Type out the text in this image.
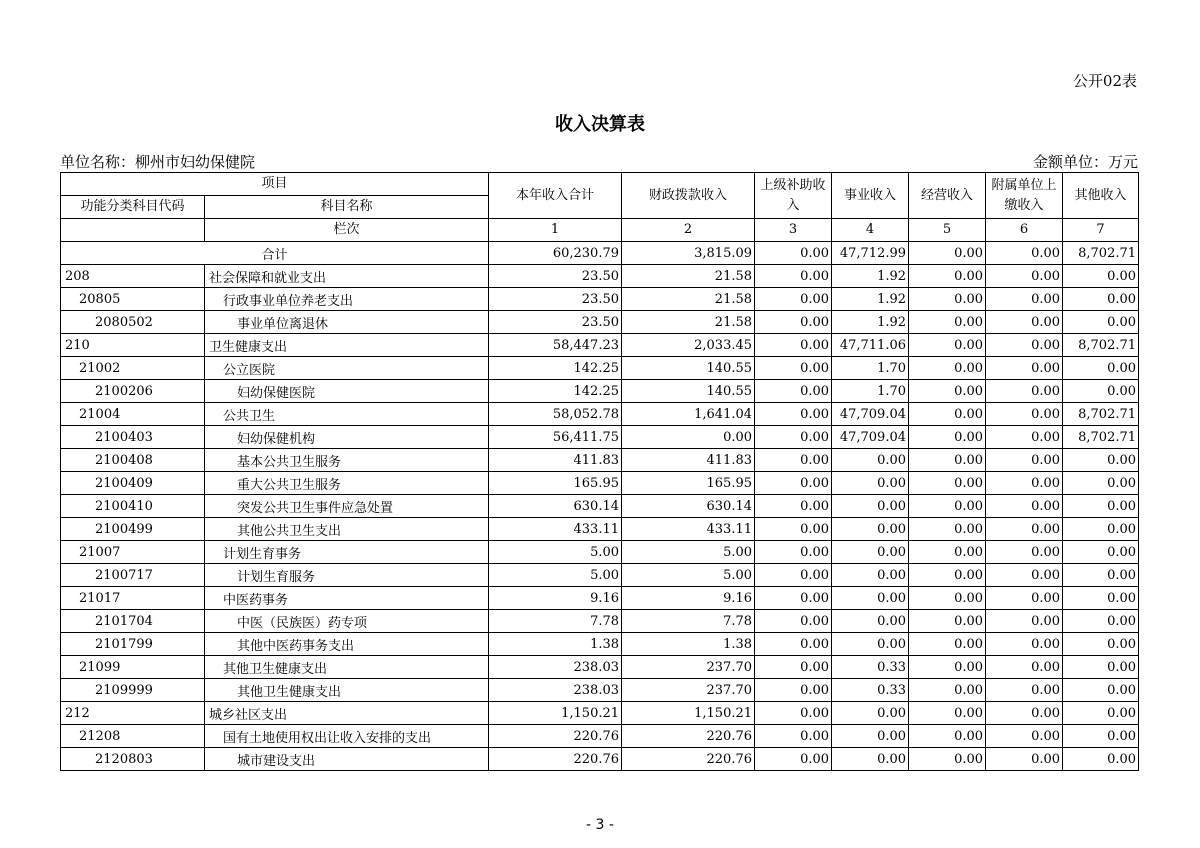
公开02表
收入决算表
单位名称：柳州市妇幼保健院	金额单位：万元
项目		本年收入合计	财政拨款收入	上级补助收
入	事业收入	经营收入	附属单位上
缴收入	其他收入
功能分类科目代码	科目名称							
	栏次	1	2	3	4	5	6	7
合计		60,230.79	3,815.09	0.00	47,712.99	0.00	0.00	8,702.71
208	社会保障和就业支出	23.50	21.58	0.00	1.92	0.00	0.00	0.00
20805	行政事业单位养老支出	23.50	21.58	0.00	1.92	0.00	0.00	0.00
2080502	事业单位离退休	23.50	21.58	0.00	1.92	0.00	0.00	0.00
210	卫生健康支出	58,447.23	2,033.45	0.00	47,711.06	0.00	0.00	8,702.71
21002	公立医院	142.25	140.55	0.00	1.70	0.00	0.00	0.00
2100206	妇幼保健医院	142.25	140.55	0.00	1.70	0.00	0.00	0.00
21004	公共卫生	58,052.78	1,641.04	0.00	47,709.04	0.00	0.00	8,702.71
2100403	妇幼保健机构	56,411.75	0.00	0.00	47,709.04	0.00	0.00	8,702.71
2100408	基本公共卫生服务	411.83	411.83	0.00	0.00	0.00	0.00	0.00
2100409	重大公共卫生服务	165.95	165.95	0.00	0.00	0.00	0.00	0.00
2100410	突发公共卫生事件应急处置	630.14	630.14	0.00	0.00	0.00	0.00	0.00
2100499	其他公共卫生支出	433.11	433.11	0.00	0.00	0.00	0.00	0.00
21007	计划生育事务	5.00	5.00	0.00	0.00	0.00	0.00	0.00
2100717	计划生育服务	5.00	5.00	0.00	0.00	0.00	0.00	0.00
21017	中医药事务	9.16	9.16	0.00	0.00	0.00	0.00	0.00
2101704	中医（民族医）药专项	7.78	7.78	0.00	0.00	0.00	0.00	0.00
2101799	其他中医药事务支出	1.38	1.38	0.00	0.00	0.00	0.00	0.00
21099	其他卫生健康支出	238.03	237.70	0.00	0.33	0.00	0.00	0.00
2109999	其他卫生健康支出	238.03	237.70	0.00	0.33	0.00	0.00	0.00
212	城乡社区支出	1,150.21	1,150.21	0.00	0.00	0.00	0.00	0.00
21208	国有土地使用权出让收入安排的支出	220.76	220.76	0.00	0.00	0.00	0.00	0.00
2120803	城市建设支出	220.76	220.76	0.00	0.00	0.00	0.00	0.00
- 3 -
